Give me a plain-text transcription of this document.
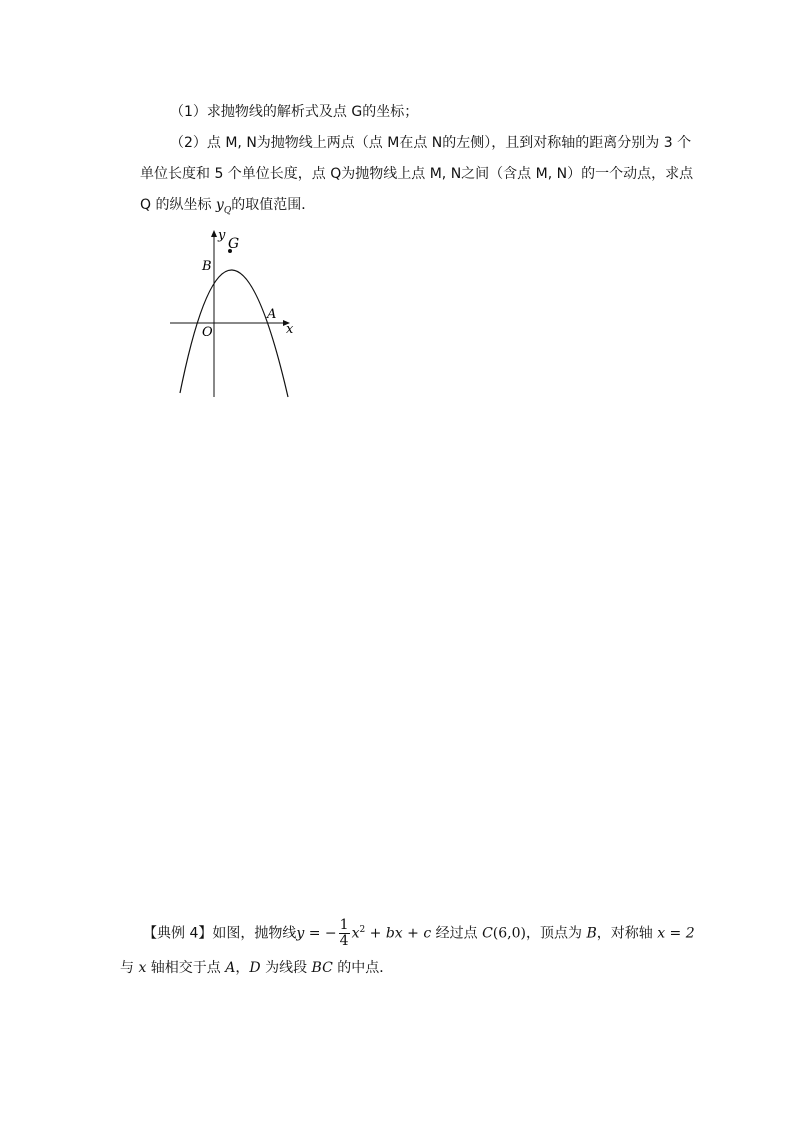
（1）求抛物线的解析式及点 G的坐标；
（2）点 M, N为抛物线上两点（点 M在点 N的左侧），且到对称轴的距离分别为 3 个
单位长度和 5 个单位长度，点 Q为抛物线上点 M, N之间（含点 M, N）的一个动点，求点
Q 的纵坐标 $y_Q$的取值范围．
y
G
B
A
O	x
【典例 4】如图，抛物线y = − $\frac{1}{4} x^2$ + bx + c 经过点 C(6,0)，顶点为 B，对称轴 x = 2
与 x 轴相交于点 A，D 为线段 BC 的中点．
